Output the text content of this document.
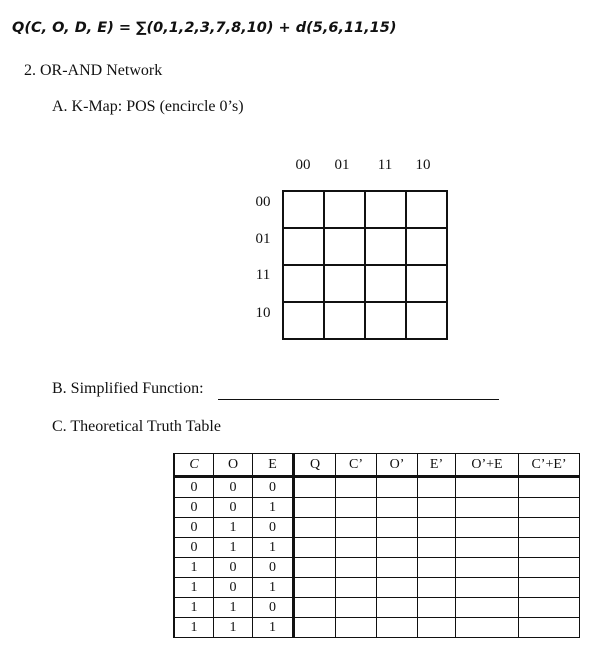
Q(C, O, D, E) = ∑(0,1,2,3,7,8,10) + d(5,6,11,15)
2. OR-AND Network
A. K-Map: POS (encircle 0’s)
00	01	11	10
00
01
11
10

B. Simplified Function:
C. Theoretical Truth Table
C	O	E	Q	C’	O’	E’	O’+E	C’+E’
0	0	0						
0	0	1						
0	1	0						
0	1	1						
1	0	0						
1	0	1						
1	1	0						
1	1	1						
